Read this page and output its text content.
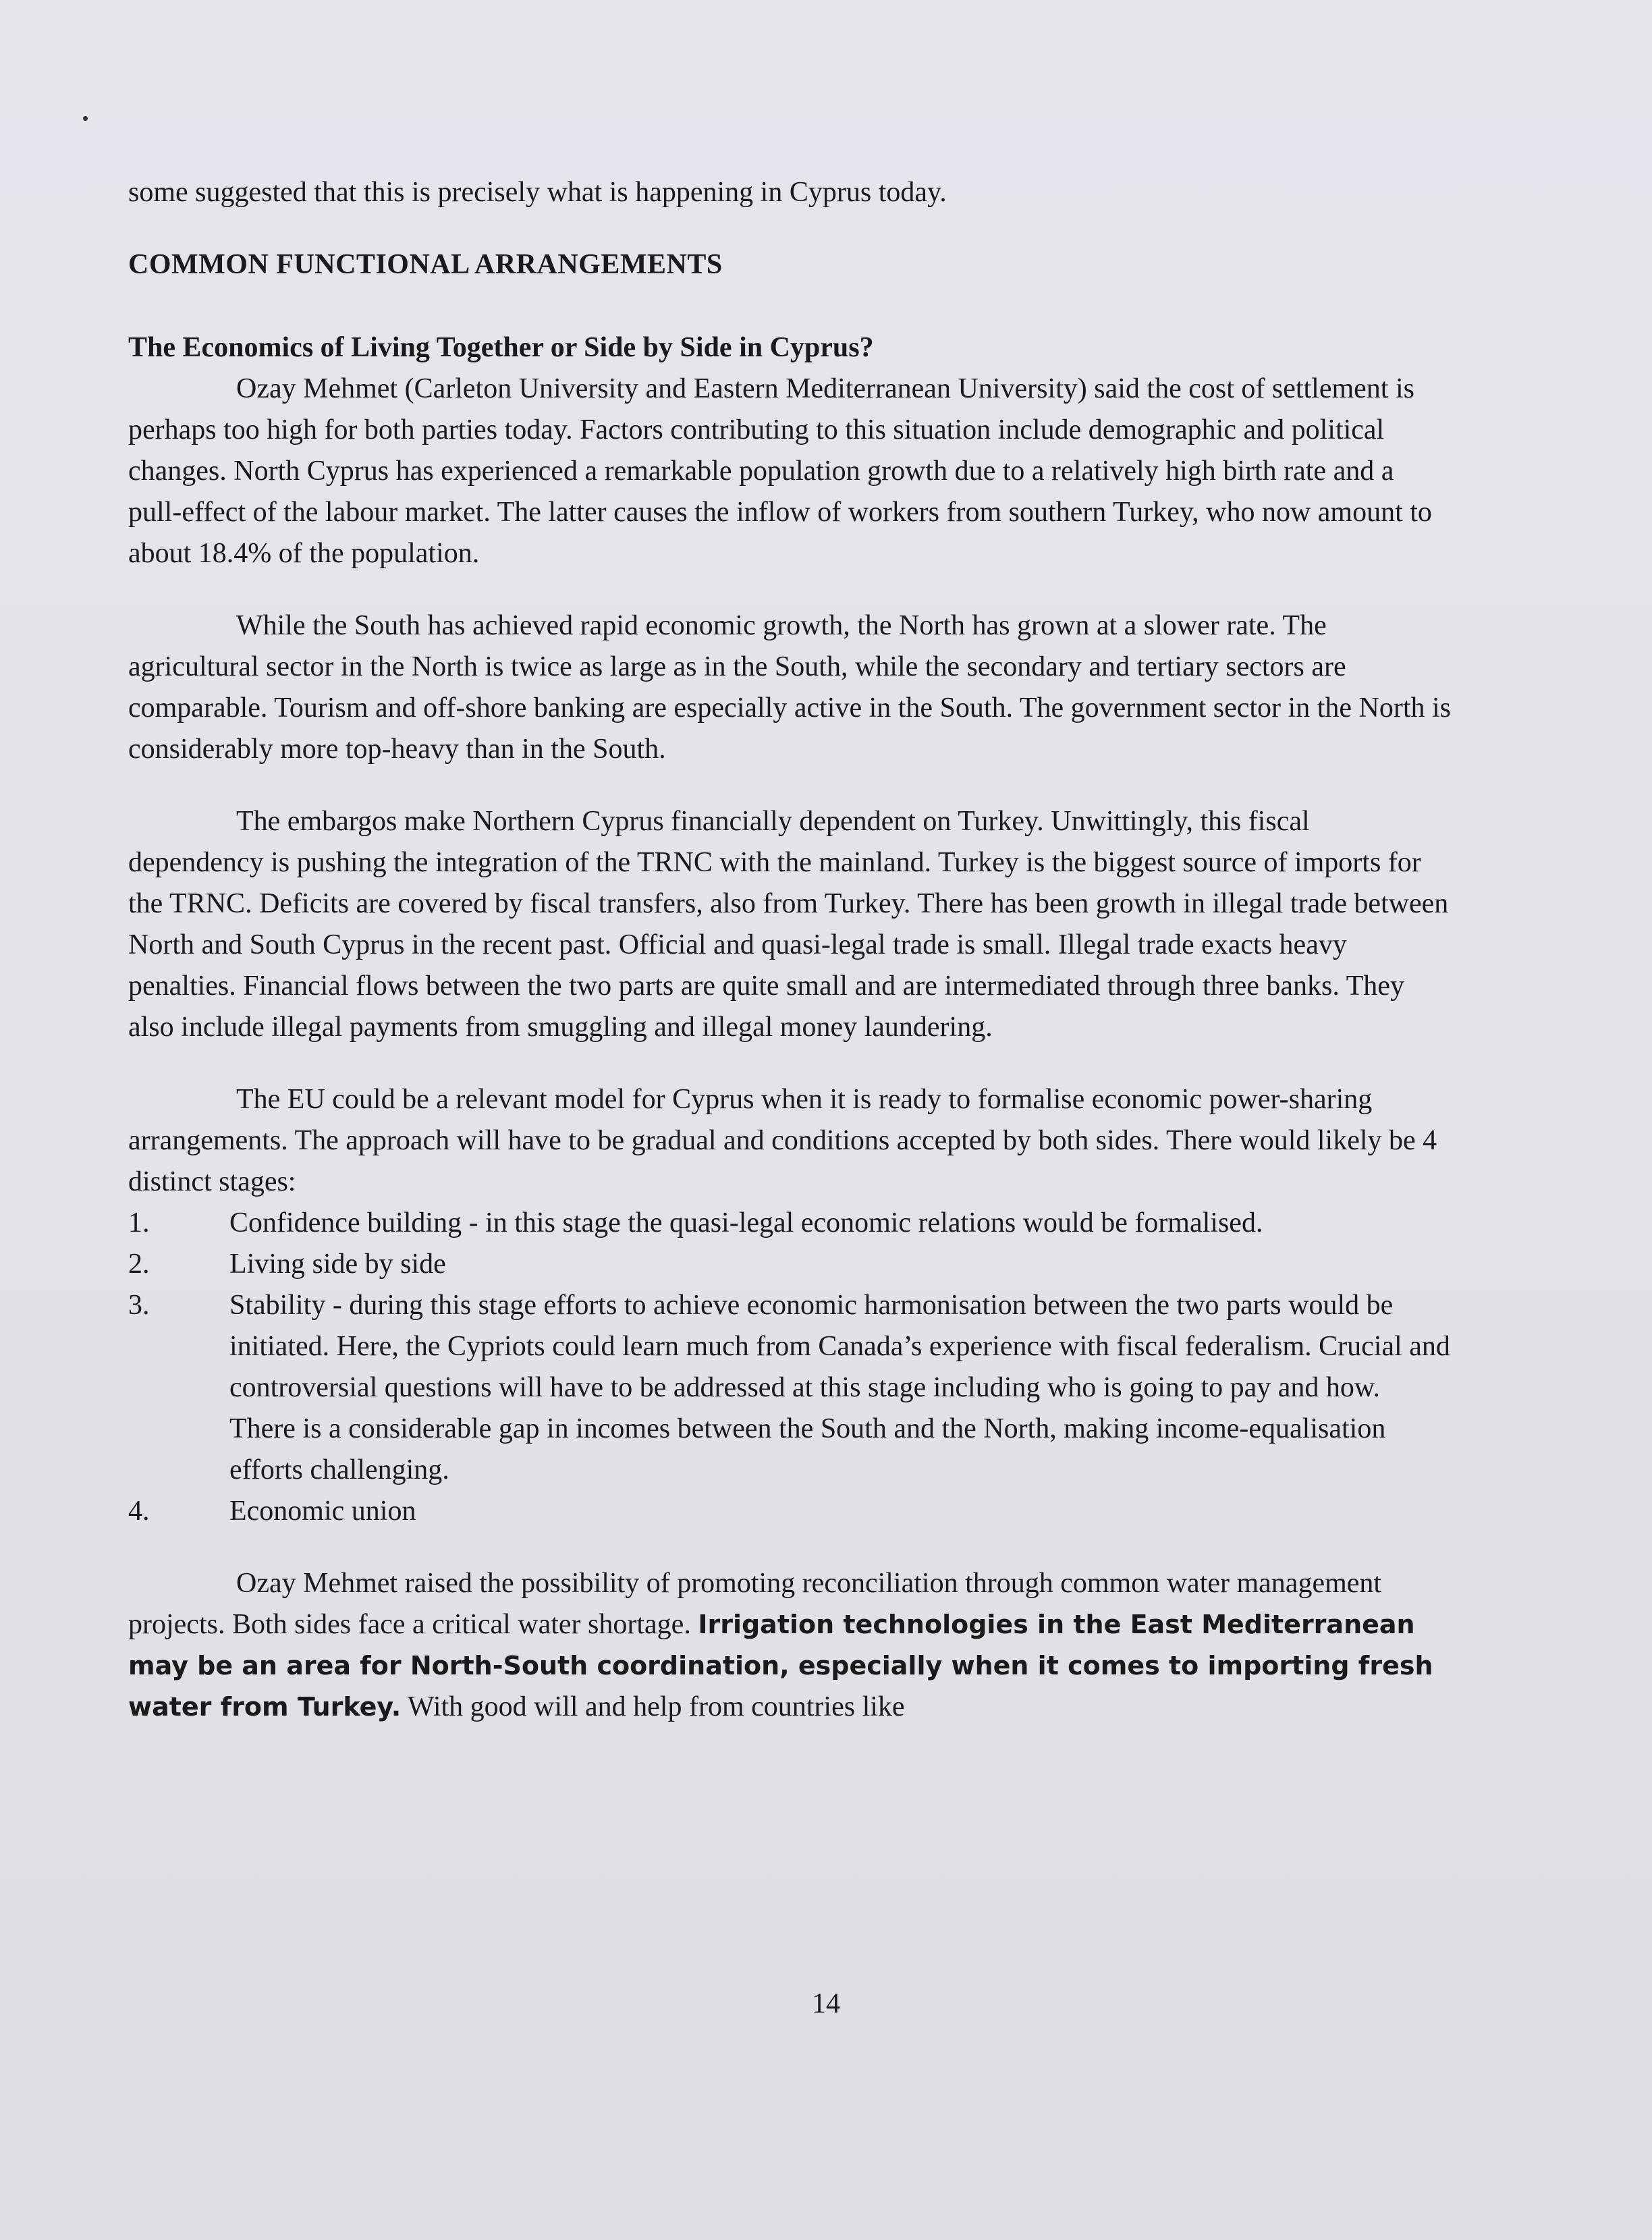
some suggested that this is precisely what is happening in Cyprus today.

COMMON FUNCTIONAL ARRANGEMENTS

The Economics of Living Together or Side by Side in Cyprus?

Ozay Mehmet (Carleton University and Eastern Mediterranean University) said the cost of settlement is perhaps too high for both parties today. Factors contributing to this situation include demographic and political changes. North Cyprus has experienced a remarkable population growth due to a relatively high birth rate and a pull-effect of the labour market. The latter causes the inflow of workers from southern Turkey, who now amount to about 18.4% of the population.

While the South has achieved rapid economic growth, the North has grown at a slower rate. The agricultural sector in the North is twice as large as in the South, while the secondary and tertiary sectors are comparable. Tourism and off-shore banking are especially active in the South. The government sector in the North is considerably more top-heavy than in the South.

The embargos make Northern Cyprus financially dependent on Turkey. Unwittingly, this fiscal dependency is pushing the integration of the TRNC with the mainland. Turkey is the biggest source of imports for the TRNC. Deficits are covered by fiscal transfers, also from Turkey. There has been growth in illegal trade between North and South Cyprus in the recent past. Official and quasi-legal trade is small. Illegal trade exacts heavy penalties. Financial flows between the two parts are quite small and are intermediated through three banks. They also include illegal payments from smuggling and illegal money laundering.

The EU could be a relevant model for Cyprus when it is ready to formalise economic power-sharing arrangements. The approach will have to be gradual and conditions accepted by both sides. There would likely be 4 distinct stages:

1.	Confidence building - in this stage the quasi-legal economic relations would be formalised.
2.	Living side by side
3.	Stability - during this stage efforts to achieve economic harmonisation between the two parts would be initiated. Here, the Cypriots could learn much from Canada’s experience with fiscal federalism. Crucial and controversial questions will have to be addressed at this stage including who is going to pay and how. There is a considerable gap in incomes between the South and the North, making income-equalisation efforts challenging.
4.	Economic union

Ozay Mehmet raised the possibility of promoting reconciliation through common water management projects. Both sides face a critical water shortage. Irrigation technologies in the East Mediterranean may be an area for North-South coordination, especially when it comes to importing fresh water from Turkey. With good will and help from countries like

14
